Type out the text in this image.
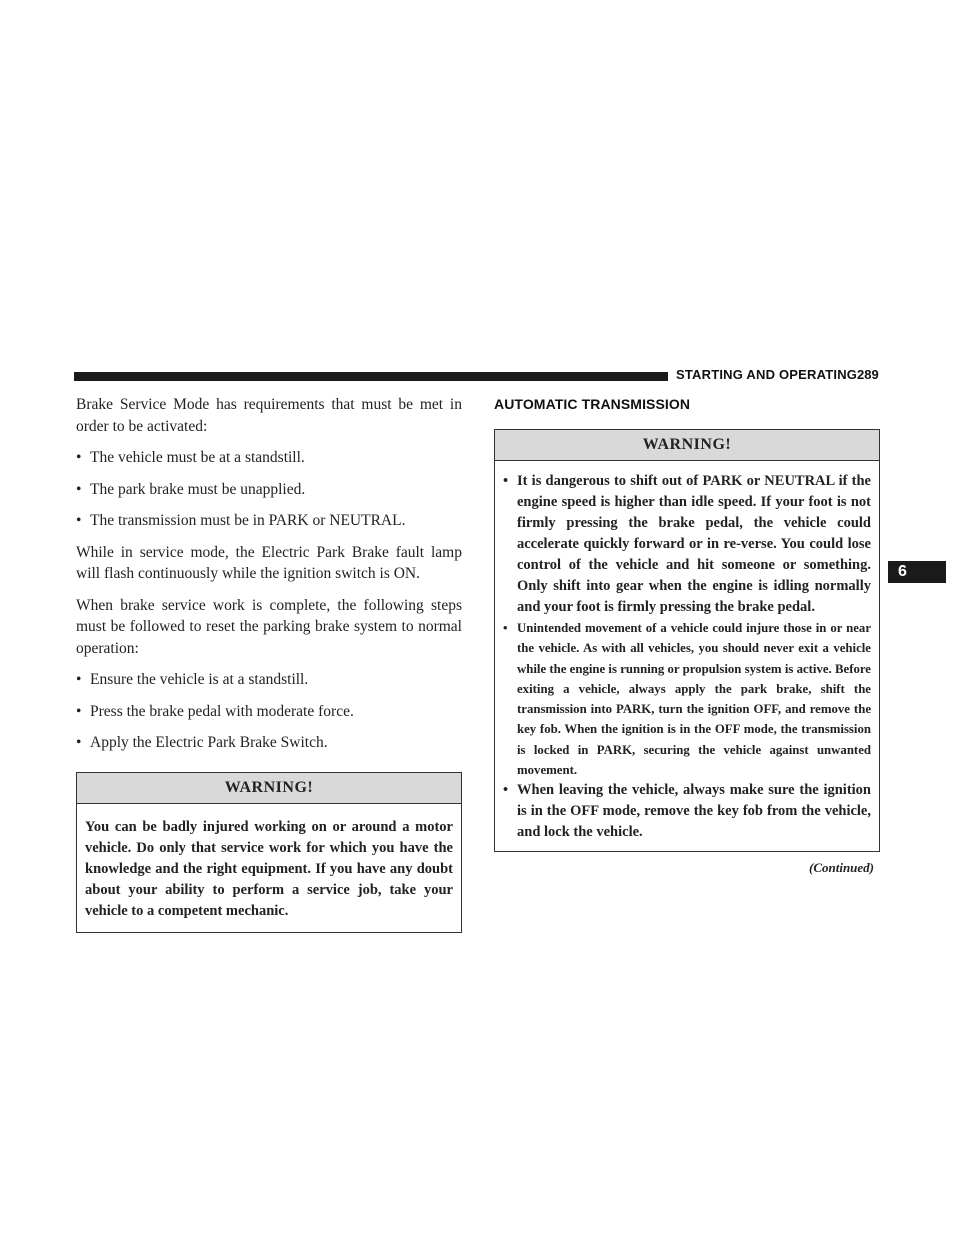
STARTING AND OPERATING 289
6

Brake Service Mode has requirements that must be met in order to be activated:

• The vehicle must be at a standstill.
• The park brake must be unapplied.
• The transmission must be in PARK or NEUTRAL.

While in service mode, the Electric Park Brake fault lamp will flash continuously while the ignition switch is ON.

When brake service work is complete, the following steps must be followed to reset the parking brake system to normal operation:

• Ensure the vehicle is at a standstill.
• Press the brake pedal with moderate force.
• Apply the Electric Park Brake Switch.
WARNING!

You can be badly injured working on or around a motor vehicle. Do only that service work for which you have the knowledge and the right equipment. If you have any doubt about your ability to perform a service job, take your vehicle to a competent mechanic.

AUTOMATIC TRANSMISSION
WARNING!
• It is dangerous to shift out of PARK or NEUTRAL if the engine speed is higher than idle speed. If your foot is not firmly pressing the brake pedal, the vehicle could accelerate quickly forward or in re-verse. You could lose control of the vehicle and hit someone or something. Only shift into gear when the engine is idling normally and your foot is firmly pressing the brake pedal.
• Unintended movement of a vehicle could injure those in or near the vehicle. As with all vehicles, you should never exit a vehicle while the engine is running or propulsion system is active. Before exiting a vehicle, always apply the park brake, shift the transmission into PARK, turn the ignition OFF, and remove the key fob. When the ignition is in the OFF mode, the transmission is locked in PARK, securing the vehicle against unwanted movement.
• When leaving the vehicle, always make sure the ignition is in the OFF mode, remove the key fob from the vehicle, and lock the vehicle.
(Continued)
